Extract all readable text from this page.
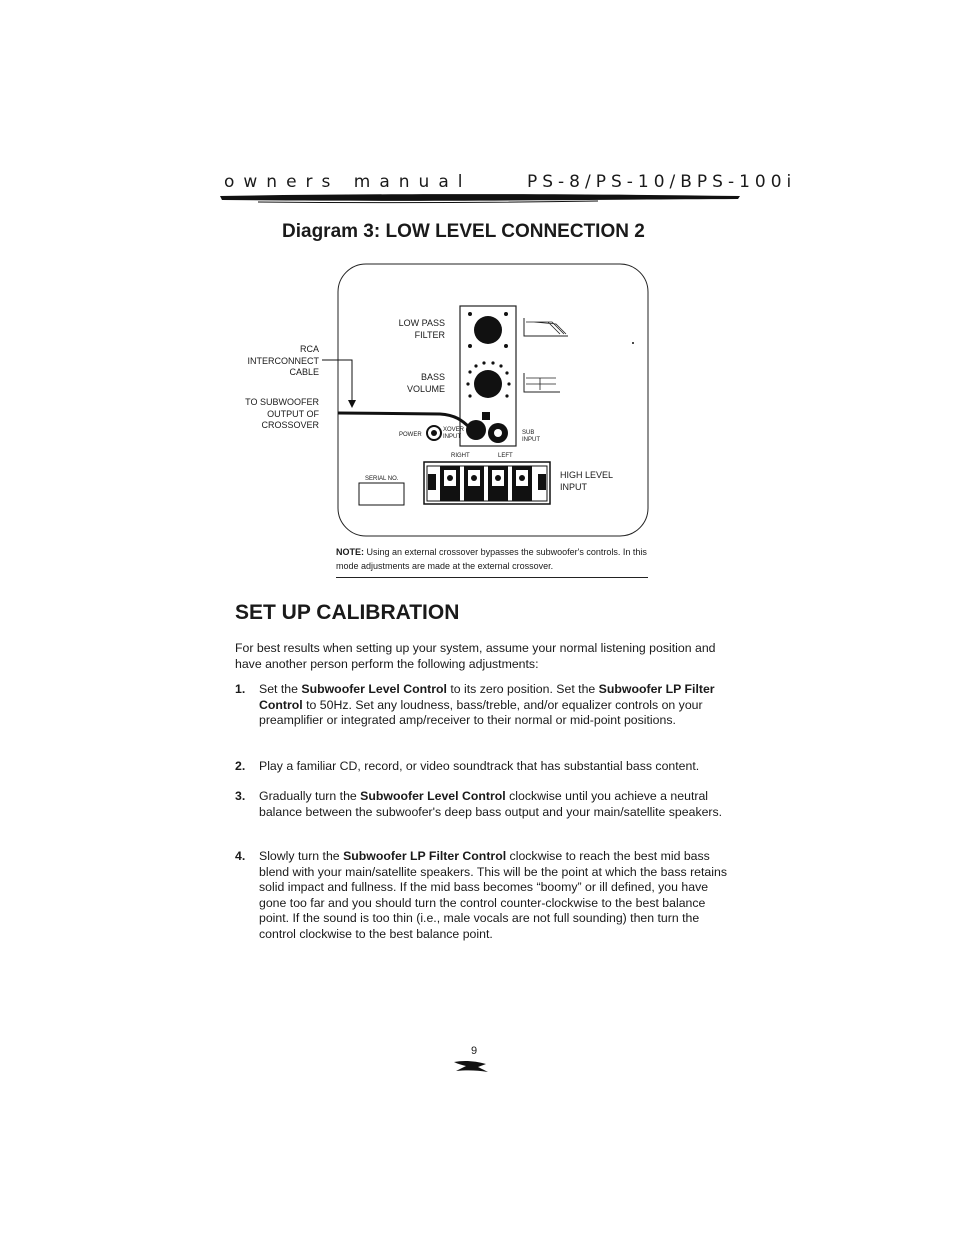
owners manual	PS-8/PS-10/BPS-100i
Diagram 3: LOW LEVEL CONNECTION 2
LOW PASS
FILTER
BASS
VOLUME
RCA
INTERCONNECT
CABLE
TO SUBWOOFER
OUTPUT OF
CROSSOVER
POWER
XOVER
INPUT
SUB
INPUT
RIGHT	LEFT
SERIAL NO.	HIGH LEVEL
INPUT
NOTE: Using an external crossover bypasses the subwoofer's controls. In this mode adjustments are made at the external crossover.
SET UP CALIBRATION
For best results when setting up your system, assume your normal listening position and have another person perform the following adjustments:
1. Set the Subwoofer Level Control to its zero position. Set the Subwoofer LP Filter Control to 50Hz. Set any loudness, bass/treble, and/or equalizer controls on your preamplifier or integrated amp/receiver to their normal or mid-point positions.
2. Play a familiar CD, record, or video soundtrack that has substantial bass content.
3. Gradually turn the Subwoofer Level Control clockwise until you achieve a neutral balance between the subwoofer's deep bass output and your main/satellite speakers.
4. Slowly turn the Subwoofer LP Filter Control clockwise to reach the best mid bass blend with your main/satellite speakers. This will be the point at which the bass retains solid impact and fullness. If the mid bass becomes “boomy” or ill defined, you have gone too far and you should turn the control counter-clockwise to the best balance point. If the sound is too thin (i.e., male vocals are not full sounding) then turn the control clockwise to the best balance point.
9
